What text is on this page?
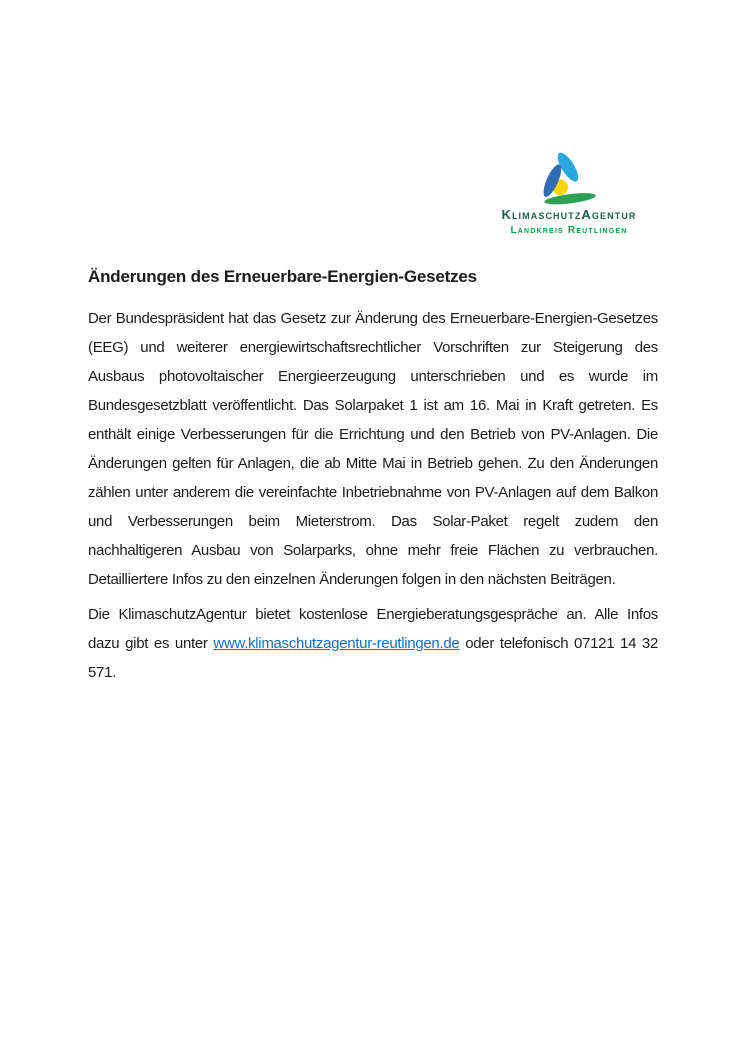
KlimaschutzAgentur
Landkreis Reutlingen
Änderungen des Erneuerbare-Energien-Gesetzes

Der Bundespräsident hat das Gesetz zur Änderung des Erneuerbare-Energien-Gesetzes (EEG) und weiterer energiewirtschaftsrechtlicher Vorschriften zur Steigerung des Ausbaus photovoltaischer Energieerzeugung unterschrieben und es wurde im Bundesgesetzblatt veröffentlicht. Das Solarpaket 1 ist am 16. Mai in Kraft getreten. Es enthält einige Verbesserungen für die Errichtung und den Betrieb von PV-Anlagen. Die Änderungen gelten für Anlagen, die ab Mitte Mai in Betrieb gehen. Zu den Änderungen zählen unter anderem die vereinfachte Inbetriebnahme von PV-Anlagen auf dem Balkon und Verbesserungen beim Mieterstrom. Das Solar-Paket regelt zudem den nachhaltigeren Ausbau von Solarparks, ohne mehr freie Flächen zu verbrauchen. Detailliertere Infos zu den einzelnen Änderungen folgen in den nächsten Beiträgen.

Die KlimaschutzAgentur bietet kostenlose Energieberatungsgespräche an. Alle Infos dazu gibt es unter www.klimaschutzagentur-reutlingen.de oder telefonisch 07121 14 32 571.
